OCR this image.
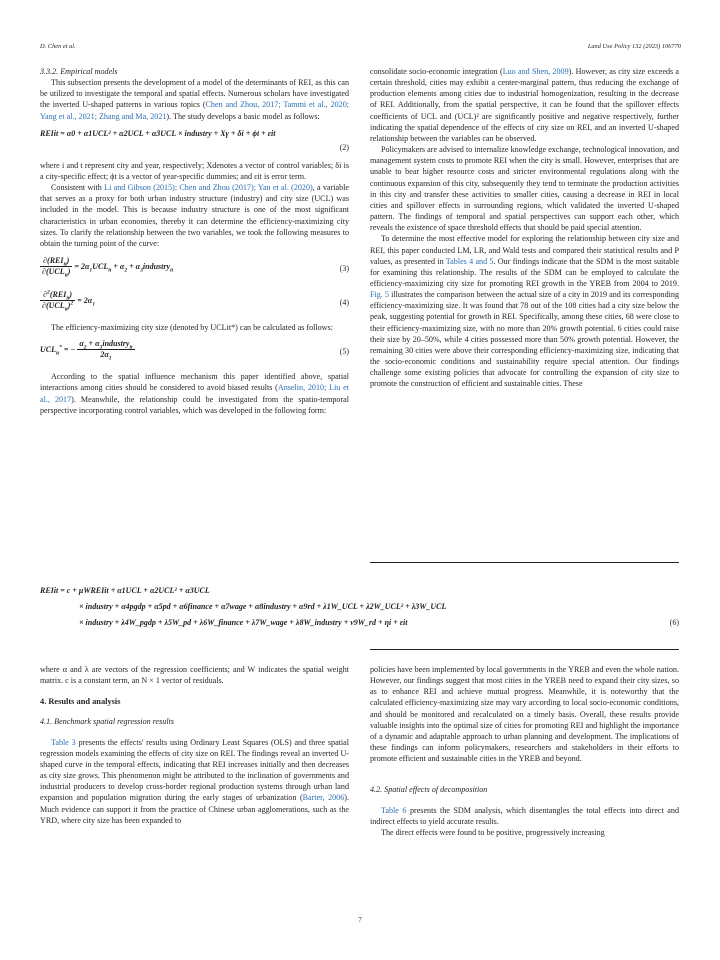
D. Chen et al.	Land Use Policy 132 (2023) 106770
3.3.2. Empirical models

This subsection presents the development of a model of the determinants of REI, as this can be utilized to investigate the temporal and spatial effects. Numerous scholars have investigated the inverted U-shaped patterns in various topics (Chen and Zhou, 2017; Tammi et al., 2020; Yang et al., 2021; Zhang and Ma, 2021). The study develops a basic model as follows:

REIit = α0 + α1UCL² + α2UCL + α3UCL × industry + Xγ + δi + ϕt + εit
(2)

where i and t represent city and year, respectively; Xdenotes a vector of control variables; δi is a city-specific effect; ϕt is a vector of year-specific dummies; and εit is error term.

Consistent with Li and Gibson (2015); Chen and Zhou (2017); Yan et al. (2020), a variable that serves as a proxy for both urban industry structure (industry) and city size (UCL) was included in the model. This is because industry structure is one of the most significant characteristics in urban economies, thereby it can determine the efficiency-maximizing city sizes. To clarify the relationship between the two variables, we took the following measures to obtain the turning point of the curve:

$\frac{\partial(REI_{it})}{\partial(UCL_{it})} = 2\alpha_1UCL_{it} + \alpha_2$ + $\alpha_3industry_{it}$	(3)
$\frac{\partial^2(REI_{it})}{\partial(UCL_{it})^2} = 2\alpha_1$	(4)

The efficiency-maximizing city size (denoted by UCLit*) can be calculated as follows:

$UCL_{it}^*$ = − $\frac{\alpha_2 + \alpha_3industry_{it}}{2\alpha_1}$	(5)

According to the spatial influence mechanism this paper identified above, spatial interactions among cities should be considered to avoid biased results (Anselin, 2010; Liu et al., 2017). Meanwhile, the relationship could be investigated from the spatio-temporal perspective incorporating control variables, which was developed in the following form:

consolidate socio-economic integration (Luo and Shen, 2009). However, as city size exceeds a certain threshold, cities may exhibit a center-marginal pattern, thus reducing the exchange of production elements among cities due to industrial homogenization, resulting in the decrease of REI. Additionally, from the spatial perspective, it can be found that the spillover effects coefficients of UCL and (UCL)² are significantly positive and negative respectively, further indicating the spatial dependence of the effects of city size on REI, and an inverted U-shaped relationship between the variables can be observed.

Policymakers are advised to internalize knowledge exchange, technological innovation, and management system costs to promote REI when the city is small. However, enterprises that are unable to bear higher resource costs and stricter environmental regulations along with the continuous expansion of this city, subsequently they tend to terminate the production activities in this city and transfer these activities to smaller cities, causing a decrease in REI in local cities and spillover effects in surrounding regions, which validated the inverted U-shaped pattern. The findings of temporal and spatial perspectives can support each other, which reveals the existence of space threshold effects that should be paid special attention.

To determine the most effective model for exploring the relationship between city size and REI, this paper conducted LM, LR, and Wald tests and compared their statistical results and P values, as presented in Tables 4 and 5. Our findings indicate that the SDM is the most suitable for examining this relationship. The results of the SDM can be employed to calculate the efficiency-maximizing city size for promoting REI growth in the YREB from 2004 to 2019. Fig. 5 illustrates the comparison between the actual size of a city in 2019 and its corresponding efficiency-maximizing size. It was found that 78 out of the 108 cities had a city size below the peak, suggesting potential for growth in REI. Specifically, among these cities, 68 were close to their efficiency-maximizing size, with no more than 20% growth potential. 6 cities could raise their size by 20–50%, while 4 cities possessed more than 50% growth potential. However, the remaining 30 cities were above their corresponding efficiency-maximizing size, indicating that the socio-economic conditions and sustainability require special attention. Our findings challenge some existing policies that advocate for controlling the expansion of city size to promote the construction of efficient and sustainable cities. These

REIit = c + μWREIit + α1UCL + α2UCL² + α3UCL
× industry + α4pgdp + α5pd + α6finance + α7wage + α8industry + α9rd + λ1W_UCL + λ2W_UCL² + λ3W_UCL
× industry + λ4W_pgdp + λ5W_pd + λ6W_finance + λ7W_wage + λ8W_industry + ν9W_rd + ηi + εit	(6)

where α and λ are vectors of the regression coefficients; and W indicates the spatial weight matrix. c is a constant term, an N × 1 vector of residuals.

4. Results and analysis
4.1. Benchmark spatial regression results

Table 3 presents the effects' results using Ordinary Least Squares (OLS) and three spatial regression models examining the effects of city size on REI. The findings reveal an inverted U-shaped curve in the temporal effects, indicating that REI increases initially and then decreases as city size grows. This phenomenon might be attributed to the inclination of governments and industrial producers to develop cross-border regional production systems through urban land expansion and population migration during the early stages of urbanization (Barter, 2006). Much evidence can support it from the practice of Chinese urban agglomerations, such as the YRD, where city size has been expanded to

policies have been implemented by local governments in the YREB and even the whole nation. However, our findings suggest that most cities in the YREB need to expand their city sizes, so as to enhance REI and achieve mutual progress. Meanwhile, it is noteworthy that the calculated efficiency-maximizing size may vary according to local socio-economic conditions, and should be monitored and recalculated on a timely basis. Overall, these results provide valuable insights into the optimal size of cities for promoting REI and highlight the importance of a dynamic and adaptable approach to urban planning and development. The implications of these findings can inform policymakers, researchers and stakeholders in their efforts to promote efficient and sustainable cities in the YREB and beyond.

4.2. Spatial effects of decomposition

Table 6 presents the SDM analysis, which disentangles the total effects into direct and indirect effects to yield accurate results.

The direct effects were found to be positive, progressively increasing

7
